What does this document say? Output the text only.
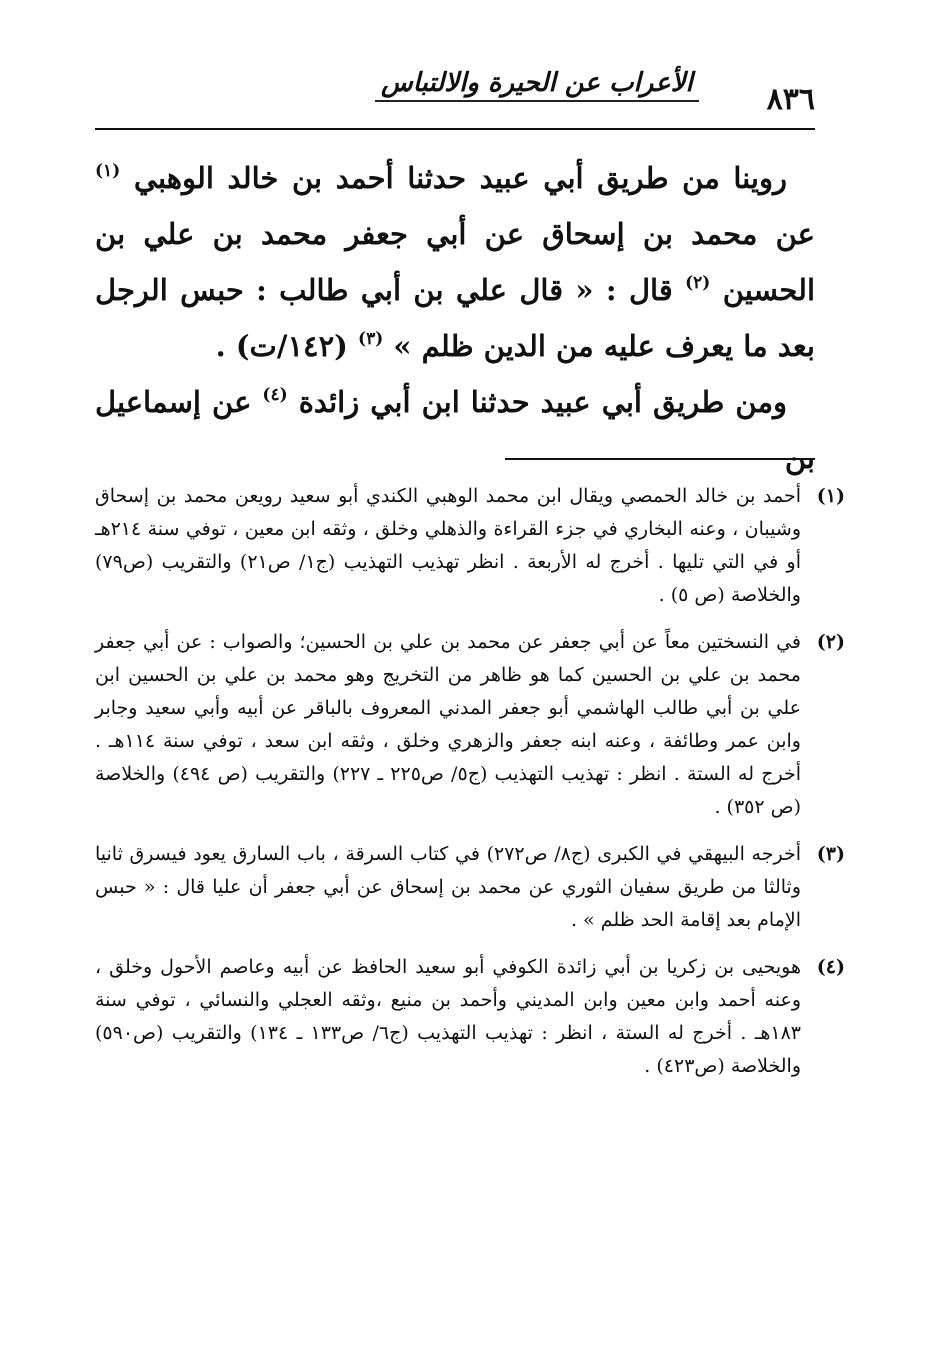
الأعراب عن الحيرة والالتباس ٨٣٦

روينا من طريق أبي عبيد حدثنا أحمد بن خالد الوهبي $^{(١)}$ عن محمد بن إسحاق عن أبي جعفر محمد بن علي بن الحسين $^{(٢)}$ قال : « قال علي بن أبي طالب : حبس الرجل بعد ما يعرف عليه من الدين ظلم » $^{(٣)}$ (١٤٢/ت) .

ومن طريق أبي عبيد حدثنا ابن أبي زائدة $^{(٤)}$ عن إسماعيل بن

(١)
أحمد بن خالد الحمصي ويقال ابن محمد الوهبي الكندي أبو سعيد رويعن محمد بن إسحاق وشيبان ، وعنه البخاري في جزء القراءة والذهلي وخلق ، وثقه ابن معين ، توفي سنة ٢١٤هـ أو في التي تليها . أخرج له الأربعة . انظر تهذيب التهذيب (ج١/ ص٢١) والتقريب (ص٧٩) والخلاصة (ص ٥) .
(٢)
في النسختين معاً عن أبي جعفر عن محمد بن علي بن الحسين؛ والصواب : عن أبي جعفر محمد بن علي بن الحسين كما هو ظاهر من التخريج وهو محمد بن علي بن الحسين ابن علي بن أبي طالب الهاشمي أبو جعفر المدني المعروف بالباقر عن أبيه وأبي سعيد وجابر وابن عمر وطائفة ، وعنه ابنه جعفر والزهري وخلق ، وثقه ابن سعد ، توفي سنة ١١٤هـ . أخرج له الستة . انظر : تهذيب التهذيب (ج٥/ ص٢٢٥ ـ ٢٢٧) والتقريب (ص ٤٩٤) والخلاصة (ص ٣٥٢) .
(٣)
أخرجه البيهقي في الكبرى (ج٨/ ص٢٧٢) في كتاب السرقة ، باب السارق يعود فيسرق ثانيا وثالثا من طريق سفيان الثوري عن محمد بن إسحاق عن أبي جعفر أن عليا قال : « حبس الإمام بعد إقامة الحد ظلم » .
(٤)
هويحيى بن زكريا بن أبي زائدة الكوفي أبو سعيد الحافظ عن أبيه وعاصم الأحول وخلق ، وعنه أحمد وابن معين وابن المديني وأحمد بن منيع ،وثقه العجلي والنسائي ، توفي سنة ١٨٣هـ . أخرج له الستة ، انظر : تهذيب التهذيب (ج٦/ ص١٣٣ ـ ١٣٤) والتقريب (ص٥٩٠) والخلاصة (ص٤٢٣) .
